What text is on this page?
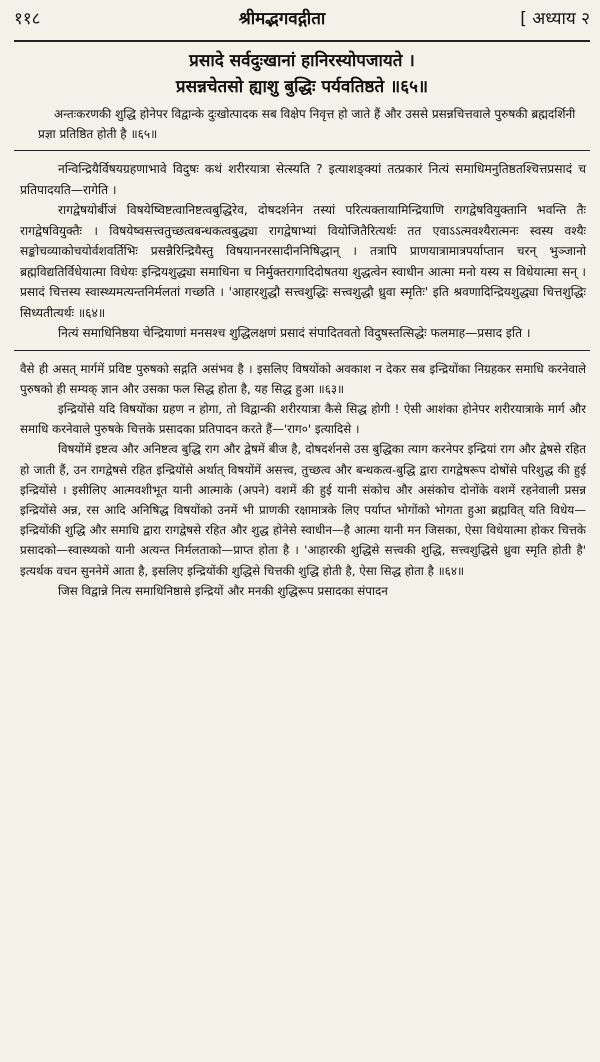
११८	श्रीमद्भगवद्गीता	[ अध्याय २
प्रसादे सर्वदुःखानां हानिरस्योपजायते ।
प्रसन्नचेतसो ह्याशु बुद्धिः पर्यवतिष्ठते ॥६५॥
अन्तःकरणकी शुद्धि होनेपर विद्वान्के दुःखोत्पादक सब विक्षेप निवृत्त हो जाते हैं और उससे प्रसन्नचित्तवाले पुरुषकी ब्रह्मदर्शिनी प्रज्ञा प्रतिष्ठित होती है ॥६५॥

नन्विन्द्रियैर्विषयग्रहणाभावे विदुषः कथं शरीरयात्रा सेत्स्यति ? इत्याशङ्क्यां तत्प्रकारं नित्यं समाधिमनुतिष्ठतश्चित्तप्रसादं च प्रतिपादयति—रागेति ।

रागद्वेषयोर्बीजं विषयेष्विष्टत्वानिष्टत्वबुद्धिरेव, दोषदर्शनेन तस्यां परित्यक्तायामिन्द्रियाणि रागद्वेषवियुक्तानि भवन्ति तैः रागद्वेषवियुक्तैः । विषयेष्वसत्त्वतुच्छत्वबन्धकत्वबुद्ध्या रागद्वेषाभ्यां वियोजितैरित्यर्थः तत एवाऽऽत्मवश्यैरात्मनः स्वस्य वश्यैः सङ्कोचव्याकोचयोर्वशवर्तिभिः प्रसन्नैरिन्द्रियैस्तु विषयाननरसादीननिषिद्धान् । तत्रापि प्राणयात्रामात्रपर्याप्तान चरन् भुञ्जानो ब्रह्मविद्यतिर्विधेयात्मा विधेयः इन्द्रियशुद्ध्या समाधिना च निर्मुक्तरागादिदोषतया शुद्धत्वेन स्वाधीन आत्मा मनो यस्य स विधेयात्मा सन् । प्रसादं चित्तस्य स्वास्थ्यमत्यन्तनिर्मलतां गच्छति । 'आहारशुद्धौ सत्त्वशुद्धिः सत्त्वशुद्धौ ध्रुवा स्मृतिः' इति श्रवणादिन्द्रियशुद्ध्या चित्तशुद्धिः सिध्यतीत्यर्थः ॥६४॥

नित्यं समाधिनिष्ठया चेन्द्रियाणां मनसश्च शुद्धिलक्षणं प्रसादं संपादितवतो विदुषस्तत्सिद्धेः फलमाह—प्रसाद इति ।

वैसे ही असत् मार्गमें प्रविष्ट पुरुषको सद्गति असंभव है । इसलिए विषयोंको अवकाश न देकर सब इन्द्रियोंका निग्रहकर समाधि करनेवाले पुरुषको ही सम्यक् ज्ञान और उसका फल सिद्ध होता है, यह सिद्ध हुआ ॥६३॥

इन्द्रियोंसे यदि विषयोंका ग्रहण न होगा, तो विद्वान्की शरीरयात्रा कैसे सिद्ध होगी ! ऐसी आशंका होनेपर शरीरयात्राके मार्ग और समाधि करनेवाले पुरुषके चित्तके प्रसादका प्रतिपादन करते हैं—'राग०' इत्यादिसे ।

विषयोंमें इष्टत्व और अनिष्टत्व बुद्धि राग और द्वेषमें बीज है, दोषदर्शनसे उस बुद्धिका त्याग करनेपर इन्द्रियां राग और द्वेषसे रहित हो जाती हैं, उन रागद्वेषसे रहित इन्द्रियोंसे अर्थात् विषयोंमें असत्त्व, तुच्छत्व और बन्धकत्व-बुद्धि द्वारा रागद्वेषरूप दोषोंसे परिशुद्ध की हुई इन्द्रियोंसे । इसीलिए आत्मवशीभूत यानी आत्माके (अपने) वशमें की हुई यानी संकोच और असंकोच दोनोंके वशमें रहनेवाली प्रसन्न इन्द्रियोंसे अन्न, रस आदि अनिषिद्ध विषयोंको उनमें भी प्राणकी रक्षामात्रके लिए पर्याप्त भोगोंको भोगता हुआ ब्रह्मवित् यति विधेय—इन्द्रियोंकी शुद्धि और समाधि द्वारा रागद्वेषसे रहित और शुद्ध होनेसे स्वाधीन—है आत्मा यानी मन जिसका, ऐसा विधेयात्मा होकर चित्तके प्रसादको—स्वास्थ्यको यानी अत्यन्त निर्मलताको—प्राप्त होता है । 'आहारकी शुद्धिसे सत्त्वकी शुद्धि, सत्त्वशुद्धिसे ध्रुवा स्मृति होती है' इत्यर्थक वचन सुननेमें आता है, इसलिए इन्द्रियोंकी शुद्धिसे चित्तकी शुद्धि होती है, ऐसा सिद्ध होता है ॥६४॥

जिस विद्वान्ने नित्य समाधिनिष्ठासे इन्द्रियों और मनकी शुद्धिरूप प्रसादका संपादन
